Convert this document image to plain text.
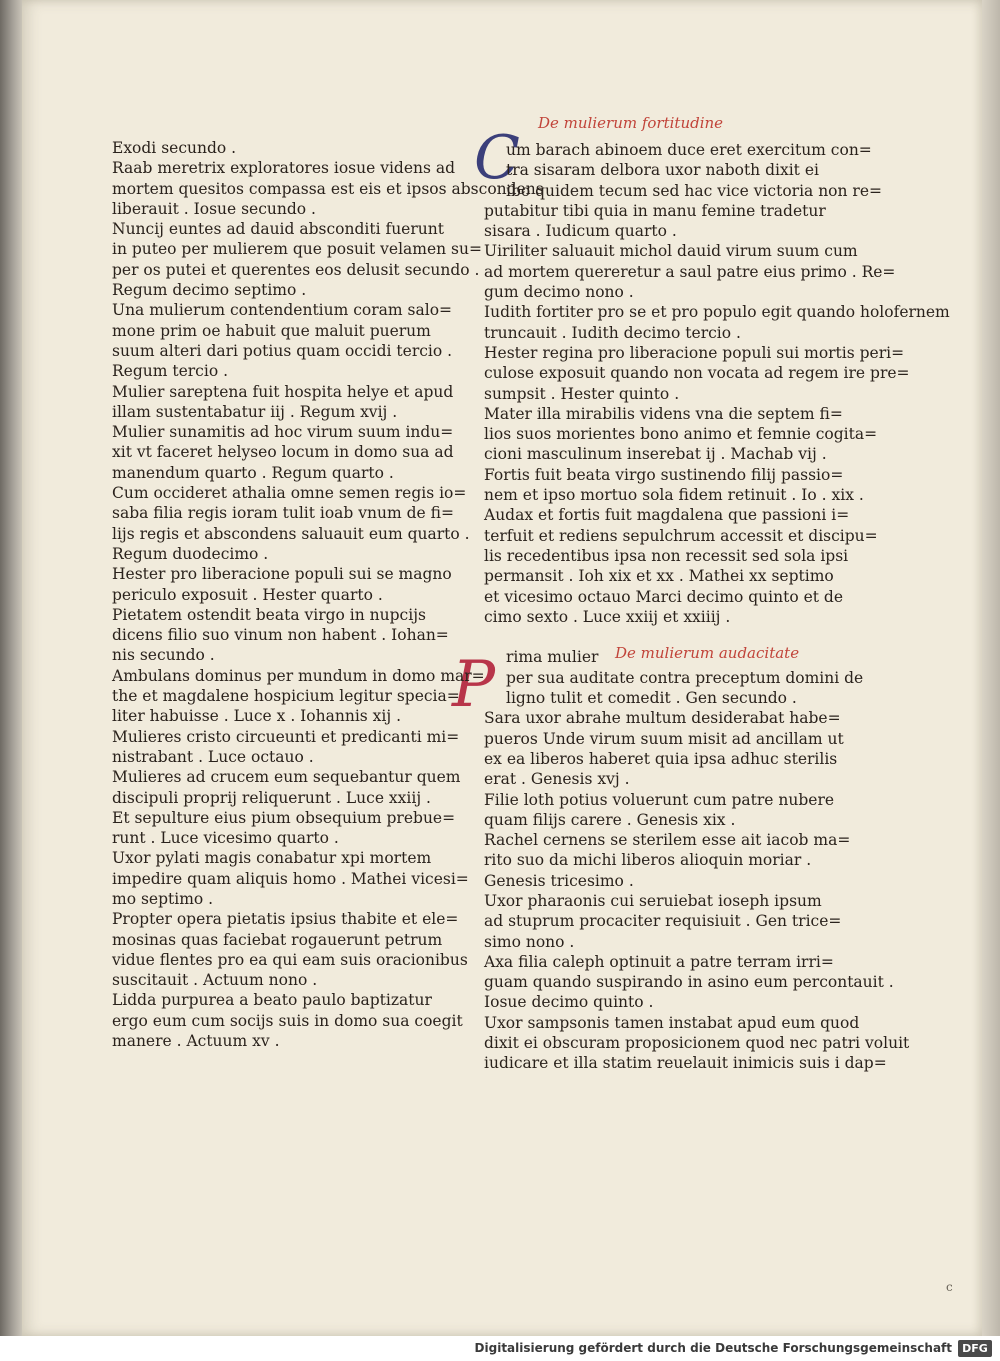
De mulierum fortitudine
De mulierum audacitate
C
P
Exodi secundo .
Raab meretrix exploratores iosue videns ad
mortem quesitos compassa est eis et ipsos abscondens
liberauit . Iosue secundo .
Nuncij euntes ad dauid absconditi fuerunt
in puteo per mulierem que posuit velamen su=
per os putei et querentes eos delusit secundo .
Regum decimo septimo .
Una mulierum contendentium coram salo=
mone prim oe habuit que maluit puerum
suum alteri dari potius quam occidi tercio .
Regum tercio .
Mulier sareptena fuit hospita helye et apud
illam sustentabatur iij . Regum xvij .
Mulier sunamitis ad hoc virum suum indu=
xit vt faceret helyseo locum in domo sua ad
manendum quarto . Regum quarto .
Cum occideret athalia omne semen regis io=
saba filia regis ioram tulit ioab vnum de fi=
lijs regis et abscondens saluauit eum quarto .
Regum duodecimo .
Hester pro liberacione populi sui se magno
periculo exposuit . Hester quarto .
Pietatem ostendit beata virgo in nupcijs
dicens filio suo vinum non habent . Iohan=
nis secundo .
Ambulans dominus per mundum in domo mar=
the et magdalene hospicium legitur specia=
liter habuisse . Luce x . Iohannis xij .
Mulieres cristo circueunti et predicanti mi=
nistrabant . Luce octauo .
Mulieres ad crucem eum sequebantur quem
discipuli proprij reliquerunt . Luce xxiij .
Et sepulture eius pium obsequium prebue=
runt . Luce vicesimo quarto .
Uxor pylati magis conabatur xpi mortem
impedire quam aliquis homo . Mathei vicesi=
mo septimo .
Propter opera pietatis ipsius thabite et ele=
mosinas quas faciebat rogauerunt petrum
vidue flentes pro ea qui eam suis oracionibus
suscitauit . Actuum nono .
Lidda purpurea a beato paulo baptizatur
ergo eum cum socijs suis in domo sua coegit
manere . Actuum xv .
um barach abinoem duce eret exercitum con=
tra sisaram delbora uxor naboth dixit ei
ibo quidem tecum sed hac vice victoria non re=
putabitur tibi quia in manu femine tradetur
sisara . Iudicum quarto .
Uiriliter saluauit michol dauid virum suum cum
ad mortem quereretur a saul patre eius primo . Re=
gum decimo nono .
Iudith fortiter pro se et pro populo egit quando holofernem
truncauit . Iudith decimo tercio .
Hester regina pro liberacione populi sui mortis peri=
culose exposuit quando non vocata ad regem ire pre=
sumpsit . Hester quinto .
Mater illa mirabilis videns vna die septem fi=
lios suos morientes bono animo et femnie cogita=
cioni masculinum inserebat ij . Machab vij .
Fortis fuit beata virgo sustinendo filij passio=
nem et ipso mortuo sola fidem retinuit . Io . xix .
Audax et fortis fuit magdalena que passioni i=
terfuit et rediens sepulchrum accessit et discipu=
lis recedentibus ipsa non recessit sed sola ipsi
permansit . Ioh xix et xx . Mathei xx septimo
et vicesimo octauo Marci decimo quinto et de
cimo sexto . Luce xxiij et xxiiij .
rima mulier
per sua auditate contra preceptum domini de
ligno tulit et comedit . Gen secundo .
Sara uxor abrahe multum desiderabat habe=
pueros Unde virum suum misit ad ancillam ut
ex ea liberos haberet quia ipsa adhuc sterilis
erat . Genesis xvj .
Filie loth potius voluerunt cum patre nubere
quam filijs carere . Genesis xix .
Rachel cernens se sterilem esse ait iacob ma=
rito suo da michi liberos alioquin moriar .
Genesis tricesimo .
Uxor pharaonis cui seruiebat ioseph ipsum
ad stuprum procaciter requisiuit . Gen trice=
simo nono .
Axa filia caleph optinuit a patre terram irri=
guam quando suspirando in asino eum percontauit .
Iosue decimo quinto .
Uxor sampsonis tamen instabat apud eum quod
dixit ei obscuram proposicionem quod nec patri voluit
iudicare et illa statim reuelauit inimicis suis i dap=
c
Digitalisierung gefördert durch die Deutsche Forschungsgemeinschaft DFG
